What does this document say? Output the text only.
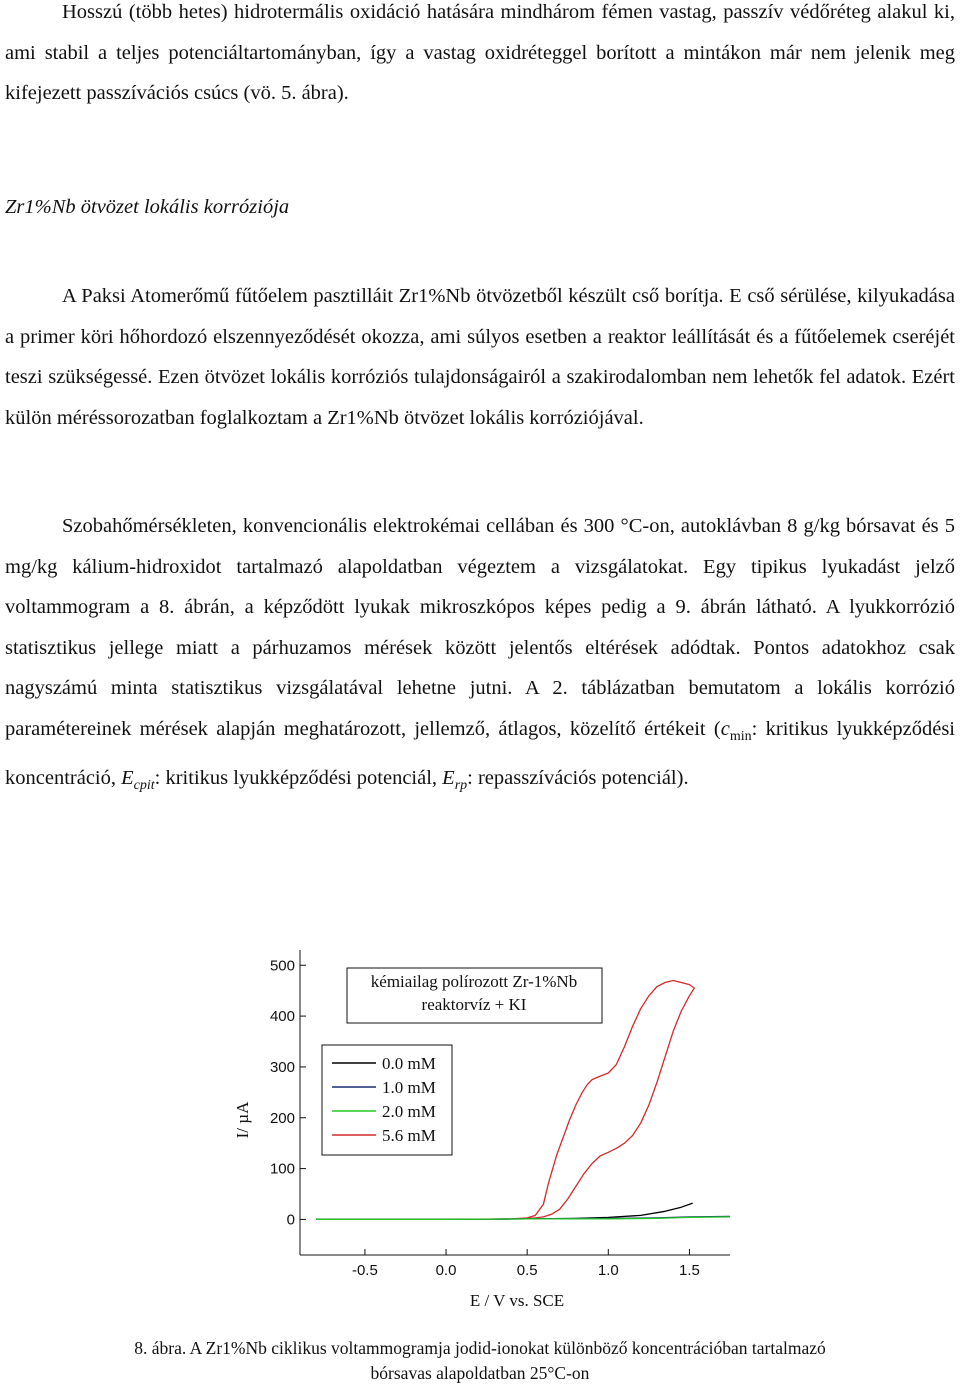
Hosszú (több hetes) hidrotermális oxidáció hatására mindhárom fémen vastag, passzív védőréteg alakul ki, ami stabil a teljes potenciáltartományban, így a vastag oxidréteggel borított a mintákon már nem jelenik meg kifejezett passzívációs csúcs (vö. 5. ábra).

Zr1%Nb ötvözet lokális korróziója

A Paksi Atomerőmű fűtőelem pasztilláit Zr1%Nb ötvözetből készült cső borítja. E cső sérülése, kilyukadása a primer köri hőhordozó elszennyeződését okozza, ami súlyos esetben a reaktor leállítását és a fűtőelemek cseréjét teszi szükségessé. Ezen ötvözet lokális korróziós tulajdonságairól a szakirodalomban nem lehetők fel adatok. Ezért külön méréssorozatban foglalkoztam a Zr1%Nb ötvözet lokális korróziójával.

Szobahőmérsékleten, konvencionális elektrokémai cellában és 300 °C-on, autoklávban 8 g/kg bórsavat és 5 mg/kg kálium-hidroxidot tartalmazó alapoldatban végeztem a vizsgálatokat. Egy tipikus lyukadást jelző voltammogram a 8. ábrán, a képződött lyukak mikroszkópos képes pedig a 9. ábrán látható. A lyukkorrózió statisztikus jellege miatt a párhuzamos mérések között jelentős eltérések adódtak. Pontos adatokhoz csak nagyszámú minta statisztikus vizsgálatával lehetne jutni. A 2. táblázatban bemutatom a lokális korrózió paramétereinek mérések alapján meghatározott, jellemző, átlagos, közelítő értékeit ($c_{min}$: kritikus lyukképződési koncentráció, $E_{cpit}$: kritikus lyukképződési potenciál, $E_{rp}$: repasszívációs potenciál).

0
100
200
300
400
500
-0.5	0.0	0.5	1.0	1.5
kémiailag polírozott Zr-1%Nb
reaktorvíz + KI
0.0 mM
1.0 mM
2.0 mM
5.6 mM
E / V vs. SCE
I/ µA

8. ábra. A Zr1%Nb ciklikus voltammogramja jodid-ionokat különböző koncentrációban tartalmazó
bórsavas alapoldatban 25°C-on
